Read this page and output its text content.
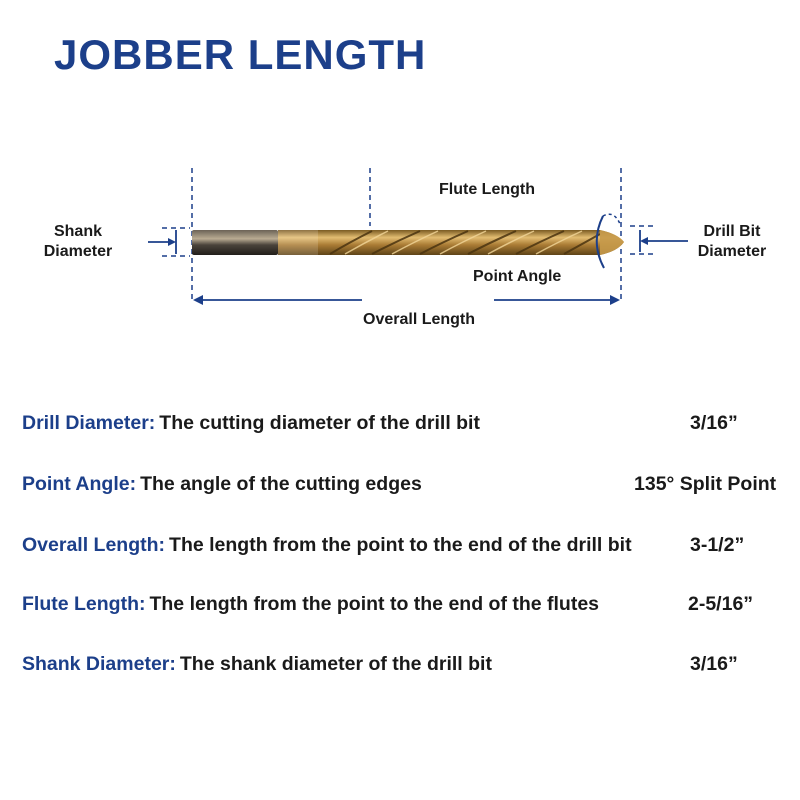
JOBBER LENGTH
Shank
Diameter
Flute Length
Drill Bit
Diameter
Point Angle
Overall Length
Drill Diameter: The cutting diameter of the drill bit	3/16”
Point Angle: The angle of the cutting edges	135° Split Point
Overall Length: The length from the point to the end of the drill bit	3-1/2”
Flute Length: The length from the point to the end of the flutes	2-5/16”
Shank Diameter: The shank diameter of the drill bit	3/16”
